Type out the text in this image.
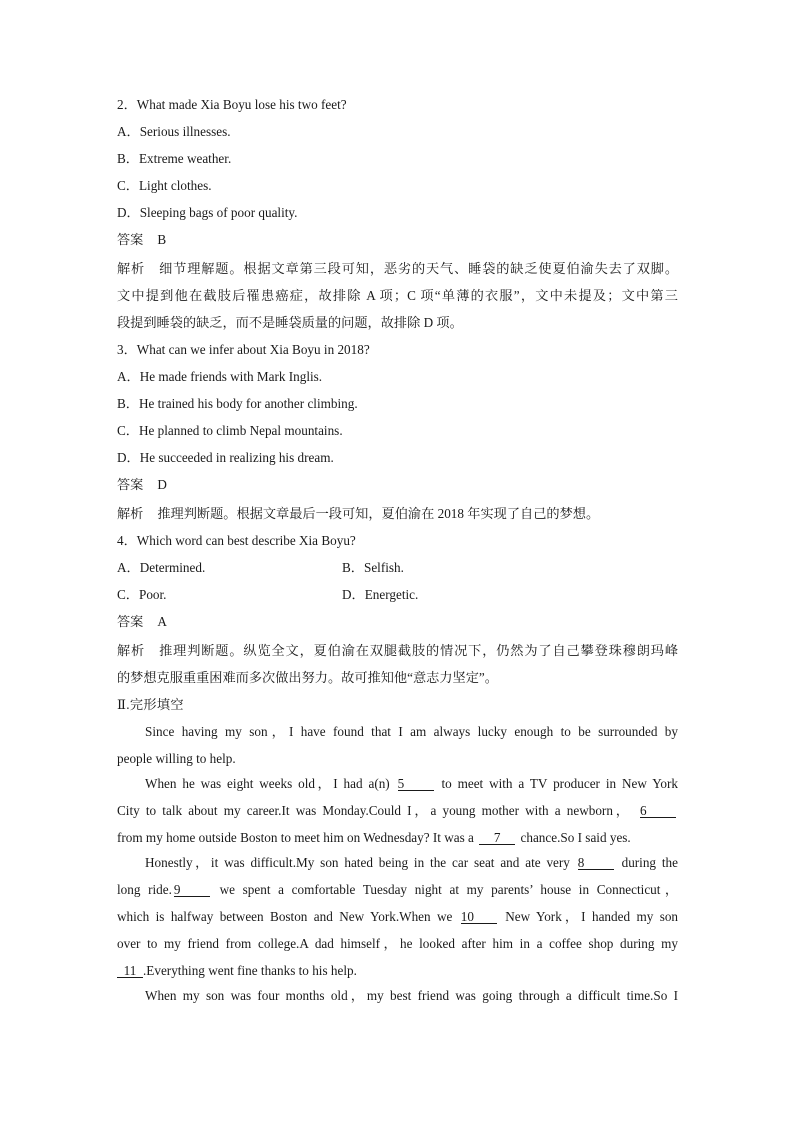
2．What made Xia Boyu lose his two feet?
A．Serious illnesses.
B．Extreme weather.
C．Light clothes.
D．Sleeping bags of poor quality.
答案 B
解析 细节理解题。根据文章第三段可知，恶劣的天气、睡袋的缺乏使夏伯渝失去了双脚。
文中提到他在截肢后罹患癌症，故排除 A 项；C 项“单薄的衣服”，文中未提及；文中第三
段提到睡袋的缺乏，而不是睡袋质量的问题，故排除 D 项。
3．What can we infer about Xia Boyu in 2018?
A．He made friends with Mark Inglis.
B．He trained his body for another climbing.
C．He planned to climb Nepal mountains.
D．He succeeded in realizing his dream.
答案 D
解析 推理判断题。根据文章最后一段可知，夏伯渝在 2018 年实现了自己的梦想。
4．Which word can best describe Xia Boyu?
A．Determined.	B．Selfish.
C．Poor.	D．Energetic.
答案 A
解析 推理判断题。纵览全文，夏伯渝在双腿截肢的情况下，仍然为了自己攀登珠穆朗玛峰
的梦想克服重重困难而多次做出努力。故可推知他“意志力坚定”。
Ⅱ.完形填空
Since having my son，I have found that I am always lucky enough to be surrounded by
people willing to help.
When he was eight weeks old，I had a(n) 5	to meet with a TV producer in New York
City to talk about my career.It was Monday.Could I，a young mother with a newborn， 6
from my home outside Boston to meet him on Wednesday? It was a 7 chance.So I said yes.
Honestly，it was difficult.My son hated being in the car seat and ate very 8	during the
long ride. 9	we spent a comfortable Tuesday night at my parents’ house in Connecticut，
which is halfway between Boston and New York.When we 10 New York，I handed my son
over to my friend from college.A dad himself，he looked after him in a coffee shop during my
11 .Everything went fine thanks to his help.
When my son was four months old，my best friend was going through a difficult time.So I
